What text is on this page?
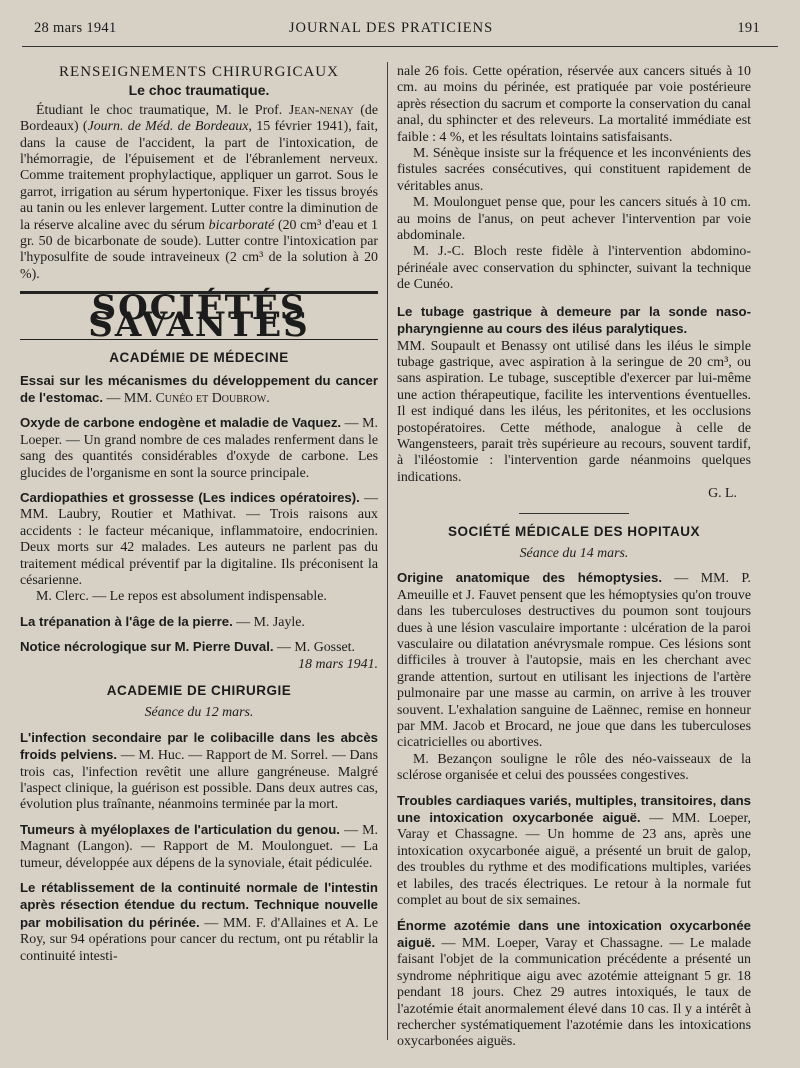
28 mars 1941	JOURNAL DES PRATICIENS	191
RENSEIGNEMENTS CHIRURGICAUX
Le choc traumatique.

Étudiant le choc traumatique, M. le Prof. Jean-nenay (de Bordeaux) (Journ. de Méd. de Bordeaux, 15 février 1941), fait, dans la cause de l'accident, la part de l'intoxication, de l'hémorragie, de l'épuisement et de l'ébranlement nerveux. Comme traitement prophylactique, appliquer un garrot. Sous le garrot, irrigation au sérum hypertonique. Fixer les tissus broyés au tanin ou les enlever largement. Lutter contre la diminution de la réserve alcaline avec du sérum bicarboraté (20 cm³ d'eau et 1 gr. 50 de bicarbonate de soude). Lutter contre l'intoxication par l'hyposulfite de soude intraveineux (2 cm³ de la solution à 20 %).

SOCIÉTÉS SAVANTES
ACADÉMIE DE MÉDECINE

Essai sur les mécanismes du développement du cancer de l'estomac. — MM. Cunéo et Doubrow.

Oxyde de carbone endogène et maladie de Vaquez. — M. Loeper. — Un grand nombre de ces malades renferment dans le sang des quantités considérables d'oxyde de carbone. Les glucides de l'organisme en sont la source principale.

Cardiopathies et grossesse (Les indices opératoires). — MM. Laubry, Routier et Mathivat. — Trois raisons aux accidents : le facteur mécanique, inflammatoire, endocrinien. Deux morts sur 42 malades. Les auteurs ne parlent pas du traitement médical préventif par la digitaline. Ils préconisent la césarienne.

M. Clerc. — Le repos est absolument indispensable.

La trépanation à l'âge de la pierre. — M. Jayle.

Notice nécrologique sur M. Pierre Duval. — M. Gosset.

18 mars 1941.
ACADEMIE DE CHIRURGIE
Séance du 12 mars.

L'infection secondaire par le colibacille dans les abcès froids pelviens. — M. Huc. — Rapport de M. Sorrel. — Dans trois cas, l'infection revêtit une allure gangréneuse. Malgré l'aspect clinique, la guérison est possible. Dans deux autres cas, évolution plus traînante, néanmoins terminée par la mort.

Tumeurs à myéloplaxes de l'articulation du genou. — M. Magnant (Langon). — Rapport de M. Moulonguet. — La tumeur, développée aux dépens de la synoviale, était pédiculée.

Le rétablissement de la continuité normale de l'intestin après résection étendue du rectum. Technique nouvelle par mobilisation du périnée. — MM. F. d'Allaines et A. Le Roy, sur 94 opérations pour cancer du rectum, ont pu rétablir la continuité intesti-

nale 26 fois. Cette opération, réservée aux cancers situés à 10 cm. au moins du périnée, est pratiquée par voie postérieure après résection du sacrum et comporte la conservation du canal anal, du sphincter et des releveurs. La mortalité immédiate est faible : 4 %, et les résultats lointains satisfaisants.

M. Sénèque insiste sur la fréquence et les inconvénients des fistules sacrées consécutives, qui constituent rapidement de véritables anus.

M. Moulonguet pense que, pour les cancers situés à 10 cm. au moins de l'anus, on peut achever l'intervention par voie abdominale.

M. J.-C. Bloch reste fidèle à l'intervention abdomino-périnéale avec conservation du sphincter, suivant la technique de Cunéo.

Le tubage gastrique à demeure par la sonde naso-pharyngienne au cours des iléus paralytiques.

MM. Soupault et Benassy ont utilisé dans les iléus le simple tubage gastrique, avec aspiration à la seringue de 20 cm³, ou sans aspiration. Le tubage, susceptible d'exercer par lui-même une action thérapeutique, facilite les interventions éventuelles. Il est indiqué dans les iléus, les péritonites, et les occlusions postopératoires. Cette méthode, analogue à celle de Wangensteers, parait très supérieure au recours, souvent tardif, à l'iléostomie : l'intervention garde néanmoins quelques indications.

G. L.
SOCIÉTÉ MÉDICALE DES HOPITAUX
Séance du 14 mars.

Origine anatomique des hémoptysies. — MM. P. Ameuille et J. Fauvet pensent que les hémoptysies qu'on trouve dans les tuberculoses destructives du poumon sont toujours dues à une lésion vasculaire importante : ulcération de la paroi vasculaire ou dilatation anévrysmale rompue. Ces lésions sont difficiles à trouver à l'autopsie, mais en les cherchant avec grande attention, surtout en utilisant les injections de l'artère pulmonaire par une masse au carmin, on arrive à les trouver souvent. L'exhalation sanguine de Laënnec, remise en honneur par MM. Jacob et Brocard, ne joue que dans les tuberculoses cicatricielles ou abortives.

M. Bezançon souligne le rôle des néo-vaisseaux de la sclérose organisée et celui des poussées congestives.

Troubles cardiaques variés, multiples, transitoires, dans une intoxication oxycarbonée aiguë. — MM. Loeper, Varay et Chassagne. — Un homme de 23 ans, après une intoxication oxycarbonée aiguë, a présenté un bruit de galop, des troubles du rythme et des modifications multiples, variées et labiles, des tracés électriques. Le retour à la normale fut complet au bout de six semaines.

Énorme azotémie dans une intoxication oxycarbonée aiguë. — MM. Loeper, Varay et Chassagne. — Le malade faisant l'objet de la communication précédente a présenté un syndrome néphritique aigu avec azotémie atteignant 5 gr. 18 pendant 18 jours. Chez 29 autres intoxiqués, le taux de l'azotémie était anormalement élevé dans 10 cas. Il y a intérêt à rechercher systématiquement l'azotémie dans les intoxications oxycarbonées aiguës.
